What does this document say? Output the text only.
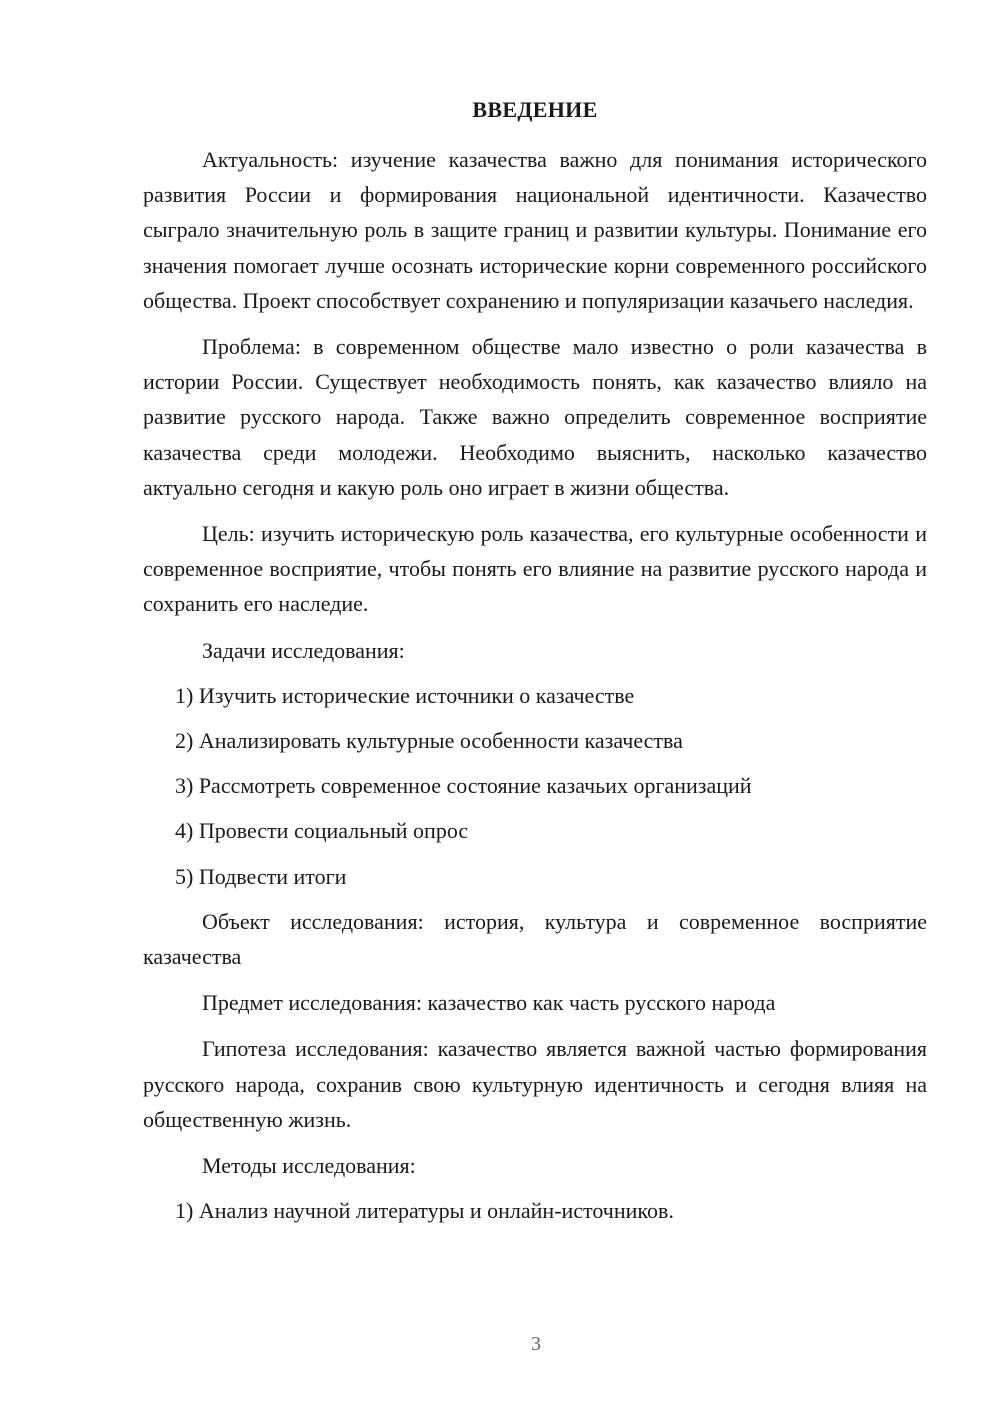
ВВЕДЕНИЕ

Актуальность: изучение казачества важно для понимания исторического развития России и формирования национальной идентичности. Казачество сыграло значительную роль в защите границ и развитии культуры. Понимание его значения помогает лучше осознать исторические корни современного российского общества. Проект способствует сохранению и популяризации казачьего наследия.

Проблема: в современном обществе мало известно о роли казачества в истории России. Существует необходимость понять, как казачество влияло на развитие русского народа. Также важно определить современное восприятие казачества среди молодежи. Необходимо выяснить, насколько казачество актуально сегодня и какую роль оно играет в жизни общества.

Цель: изучить историческую роль казачества, его культурные особенности и современное восприятие, чтобы понять его влияние на развитие русского народа и сохранить его наследие.

Задачи исследования:
1) Изучить исторические источники о казачестве
2) Анализировать культурные особенности казачества
3) Рассмотреть современное состояние казачьих организаций
4) Провести социальный опрос
5) Подвести итоги

Объект исследования: история, культура и современное восприятие казачества

Предмет исследования: казачество как часть русского народа

Гипотеза исследования: казачество является важной частью формирования русского народа, сохранив свою культурную идентичность и сегодня влияя на общественную жизнь.

Методы исследования:
1) Анализ научной литературы и онлайн-источников.
3
